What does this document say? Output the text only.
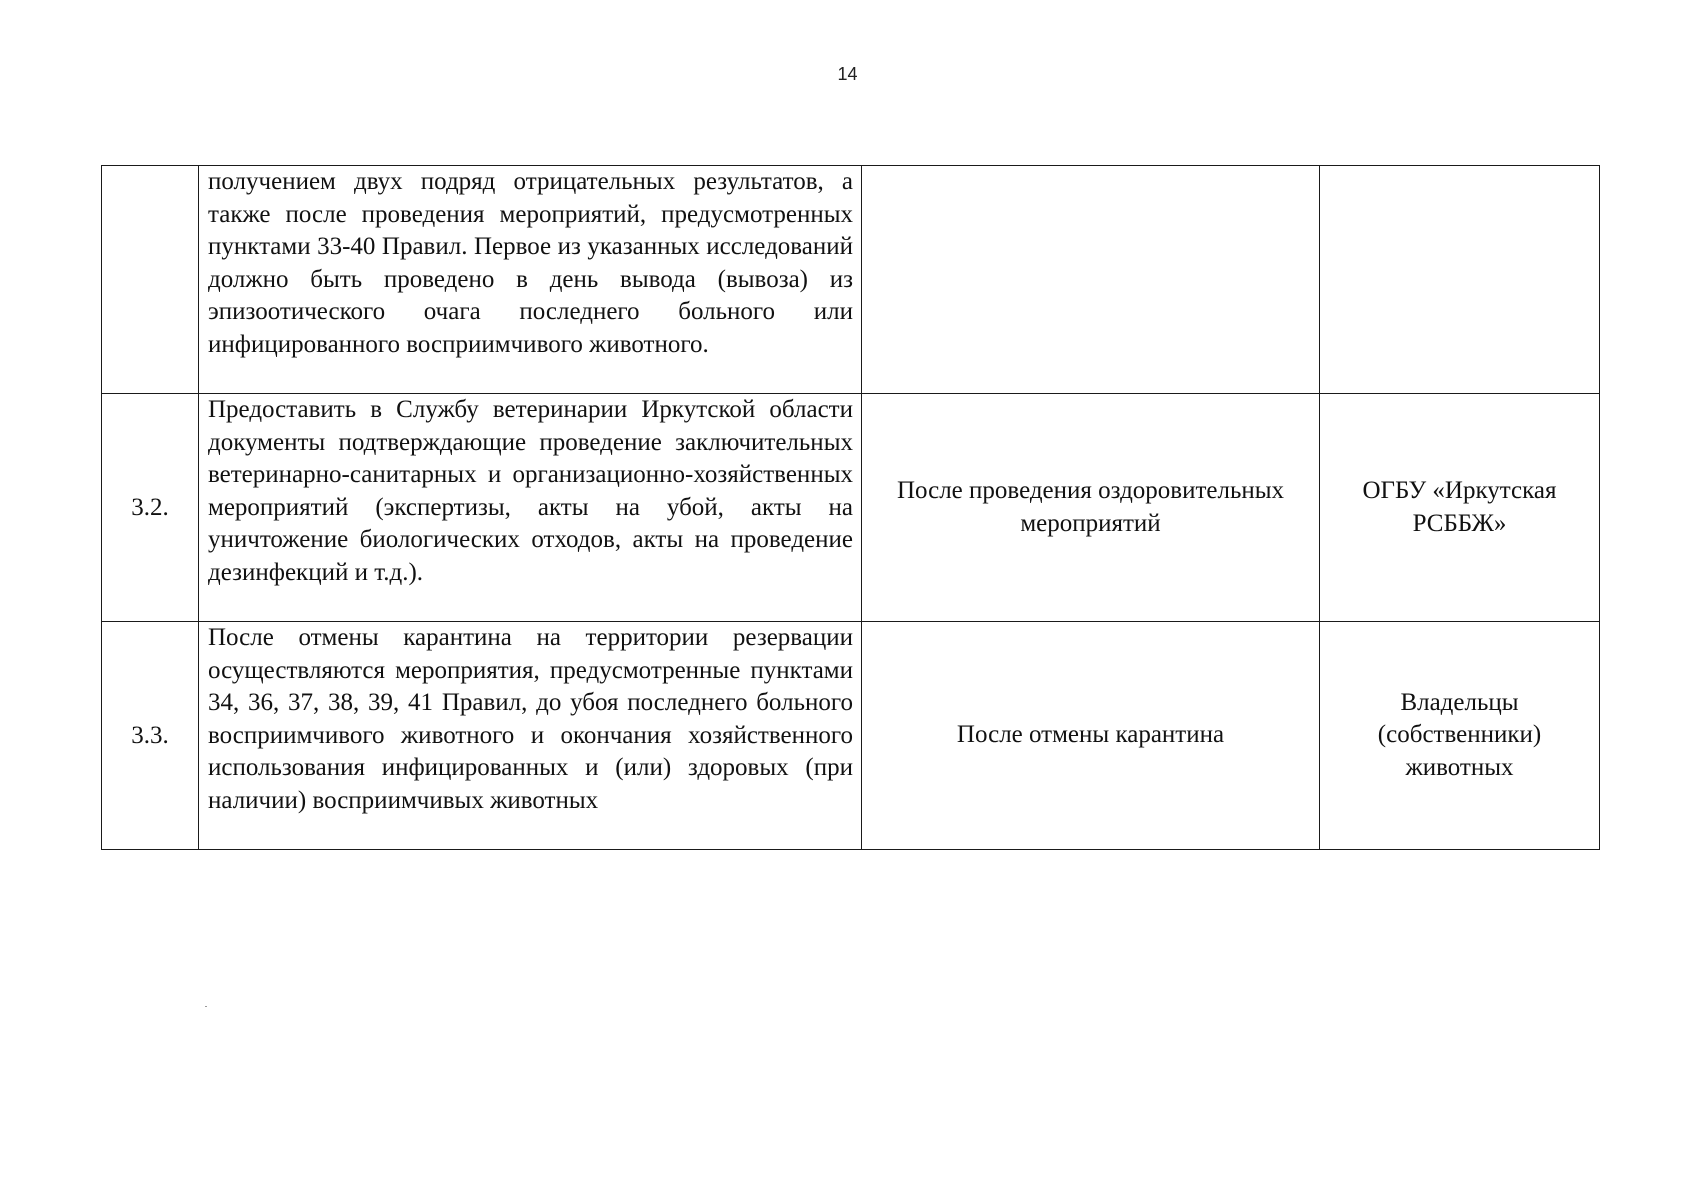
14
	получением двух подряд отрицательных результатов, а также после проведения мероприятий, предусмотренных пунктами 33-40 Правил. Первое из указанных исследований должно быть проведено в день вывода (вывоза) из эпизоотического очага последнего больного или инфицированного восприимчивого животного.		
3.2.	Предоставить в Службу ветеринарии Иркутской области документы подтверждающие проведение заключительных ветеринарно-санитарных и организационно-хозяйственных мероприятий (экспертизы, акты на убой, акты на уничтожение биологических отходов, акты на проведение дезинфекций и т.д.).	После проведения оздоровительных мероприятий	ОГБУ «Иркутская РСББЖ»
3.3.	После отмены карантина на территории резервации осуществляются мероприятия, предусмотренные пунктами 34, 36, 37, 38, 39, 41 Правил, до убоя последнего больного восприимчивого животного и окончания хозяйственного использования инфицированных и (или) здоровых (при наличии) восприимчивых животных	После отмены карантина	Владельцы (собственники) животных
